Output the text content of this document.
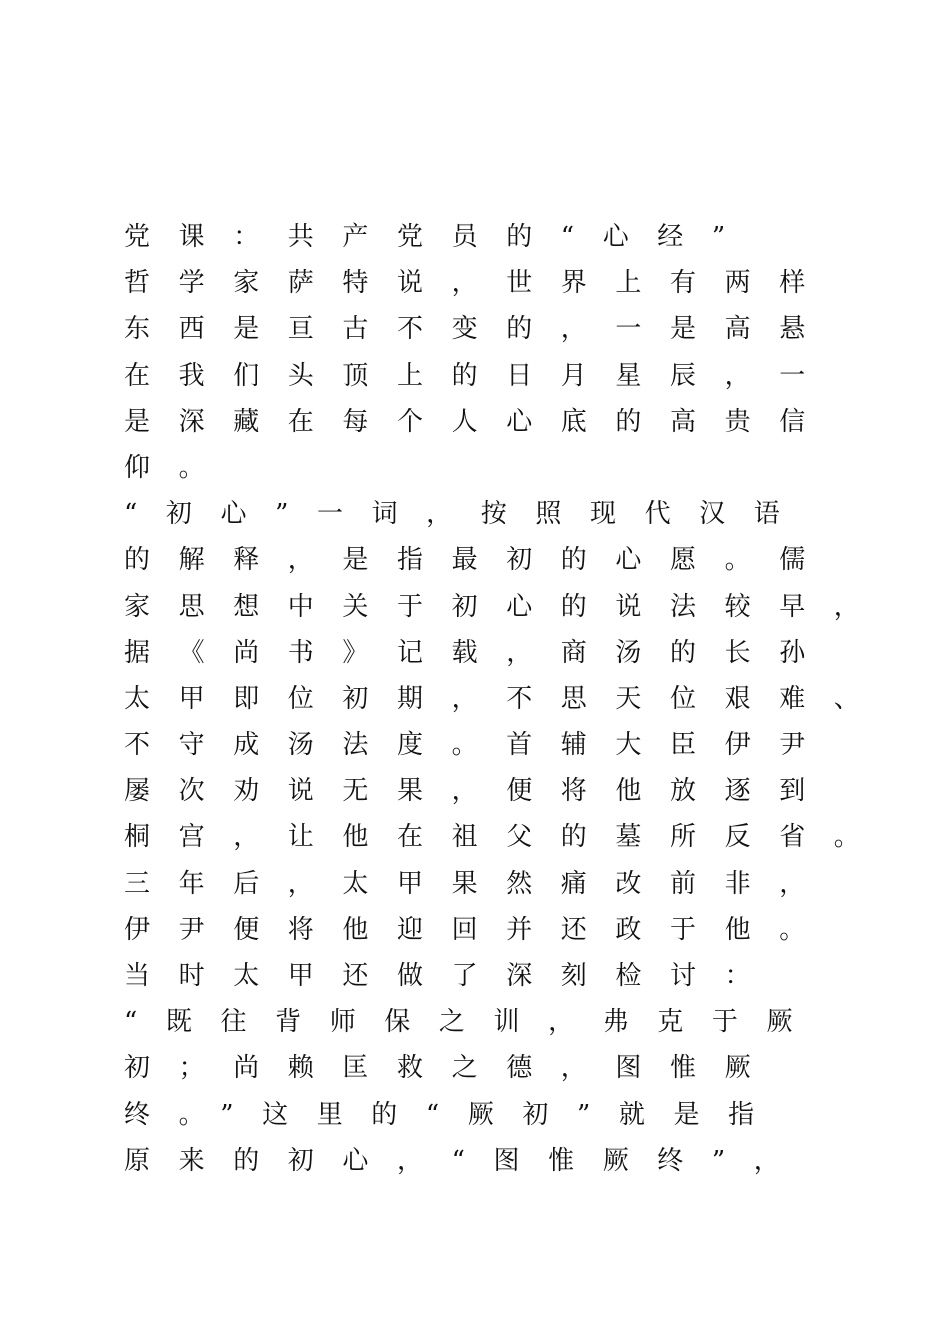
党课：共产党员的“心经”
哲学家萨特说，世界上有两样
东西是亘古不变的，一是高悬
在我们头顶上的日月星辰，一
是深藏在每个人心底的高贵信
仰。
“初心”一词，按照现代汉语
的解释，是指最初的心愿。儒
家思想中关于初心的说法较早，
据《尚书》记载，商汤的长孙
太甲即位初期，不思天位艰难、
不守成汤法度。首辅大臣伊尹
屡次劝说无果，便将他放逐到
桐宫，让他在祖父的墓所反省。
三年后，太甲果然痛改前非，
伊尹便将他迎回并还政于他。
当时太甲还做了深刻检讨：
“既往背师保之训，弗克于厥
初；尚赖匡救之德，图惟厥
终。”这里的“厥初”就是指
原来的初心，“图惟厥终”，
